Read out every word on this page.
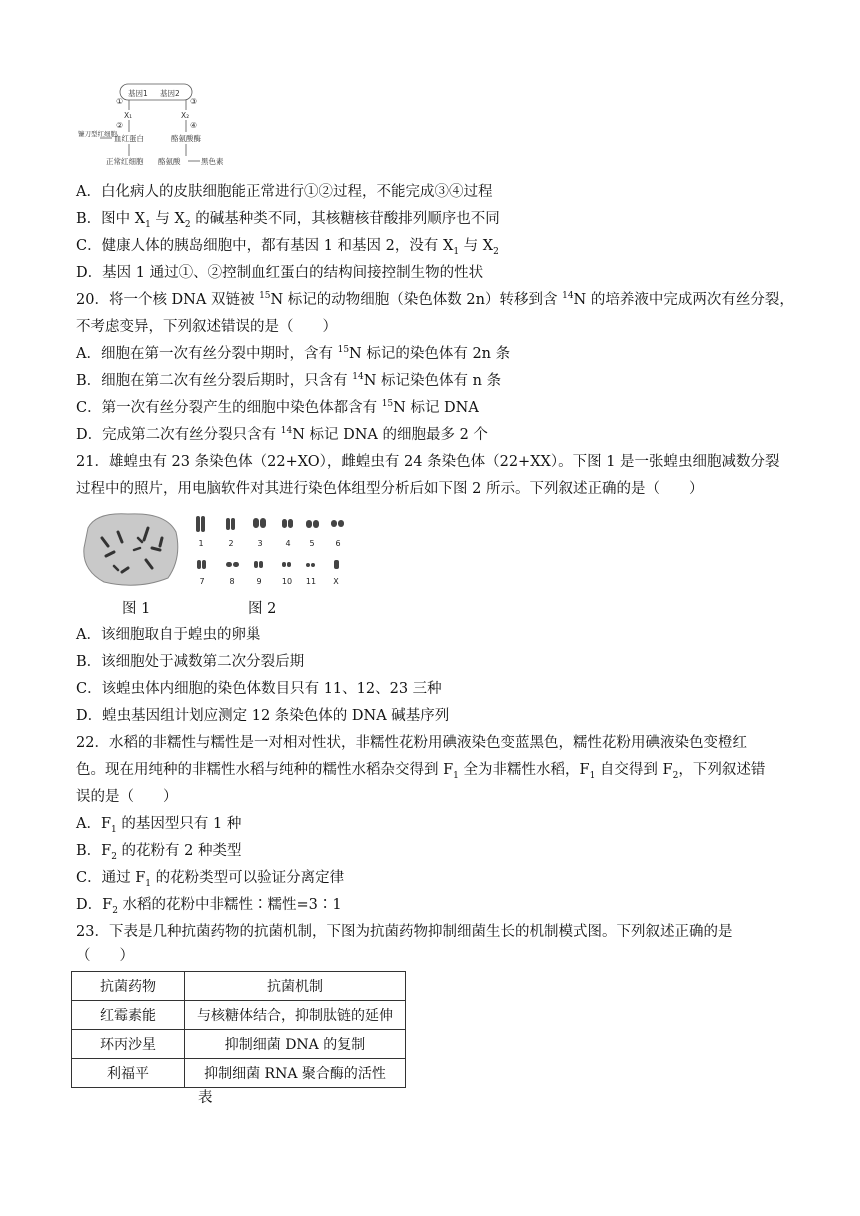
基因1 基因2
①	③
X₁	X₂
②	④
血红蛋白	酪氨酸酶
镰刀型红细胞
正常红细胞 酪氨酸	黑色素
A．白化病人的皮肤细胞能正常进行①②过程，不能完成③④过程
B．图中 $X_1$ 与 $X_2$ 的碱基种类不同，其核糖核苷酸排列顺序也不同
C．健康人体的胰岛细胞中，都有基因 1 和基因 2，没有 $X_1$ 与 $X_2$
D．基因 1 通过①、②控制血红蛋白的结构间接控制生物的性状
20．将一个核 DNA 双链被 $^{15}$N 标记的动物细胞（染色体数 2n）转移到含 $^{14}$N 的培养液中完成两次有丝分裂，
不考虑变异，下列叙述错误的是（　　）
A．细胞在第一次有丝分裂中期时，含有 $^{15}$N 标记的染色体有 2n 条
B．细胞在第二次有丝分裂后期时，只含有 $^{14}$N 标记染色体有 n 条
C．第一次有丝分裂产生的细胞中染色体都含有 $^{15}$N 标记 DNA
D．完成第二次有丝分裂只含有 $^{14}$N 标记 DNA 的细胞最多 2 个
21．雄蝗虫有 23 条染色体（22+XO），雌蝗虫有 24 条染色体（22+XX）。下图 1 是一张蝗虫细胞减数分裂
过程中的照片，用电脑软件对其进行染色体组型分析后如下图 2 所示。下列叙述正确的是（　　）
1	2	3	4 5	6
7	8	9	10 11 X
图 1	图 2
A．该细胞取自于蝗虫的卵巢
B．该细胞处于减数第二次分裂后期
C．该蝗虫体内细胞的染色体数目只有 11、12、23 三种
D．蝗虫基因组计划应测定 12 条染色体的 DNA 碱基序列
22．水稻的非糯性与糯性是一对相对性状，非糯性花粉用碘液染色变蓝黑色，糯性花粉用碘液染色变橙红
色。现在用纯种的非糯性水稻与纯种的糯性水稻杂交得到 $F_1$ 全为非糯性水稻，$F_1$ 自交得到 $F_2$，下列叙述错
误的是（　　）
A．$F_1$ 的基因型只有 1 种
B．$F_2$ 的花粉有 2 种类型
C．通过 $F_1$ 的花粉类型可以验证分离定律
D．$F_2$ 水稻的花粉中非糯性∶糯性=3∶1
23．下表是几种抗菌药物的抗菌机制，下图为抗菌药物抑制细菌生长的机制模式图。下列叙述正确的是
（　　）
抗菌药物	抗菌机制
红霉素能	与核糖体结合，抑制肽链的延伸
环丙沙星	抑制细菌 DNA 的复制
利福平	抑制细菌 RNA 聚合酶的活性
表
